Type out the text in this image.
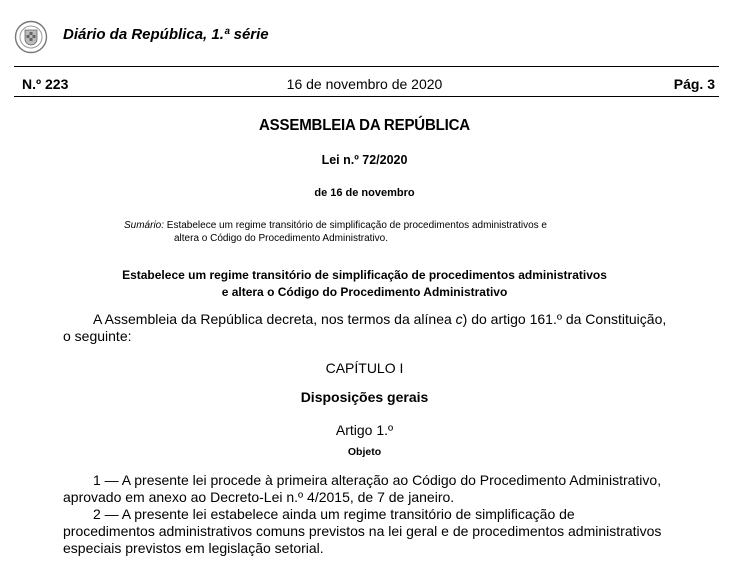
Diário da República, 1.ª série
N.º 223	16 de novembro de 2020	Pág. 3
ASSEMBLEIA DA REPÚBLICA
Lei n.º 72/2020
de 16 de novembro
Sumário: Estabelece um regime transitório de simplificação de procedimentos administrativos e
altera o Código do Procedimento Administrativo.
Estabelece um regime transitório de simplificação de procedimentos administrativos
e altera o Código do Procedimento Administrativo
A Assembleia da República decreta, nos termos da alínea c) do artigo 161.º da Constituição, o seguinte:
CAPÍTULO I
Disposições gerais
Artigo 1.º
Objeto
1 — A presente lei procede à primeira alteração ao Código do Procedimento Administrativo, aprovado em anexo ao Decreto-Lei n.º 4/2015, de 7 de janeiro.
2 — A presente lei estabelece ainda um regime transitório de simplificação de procedimentos administrativos comuns previstos na lei geral e de procedimentos administrativos especiais previstos em legislação setorial.
